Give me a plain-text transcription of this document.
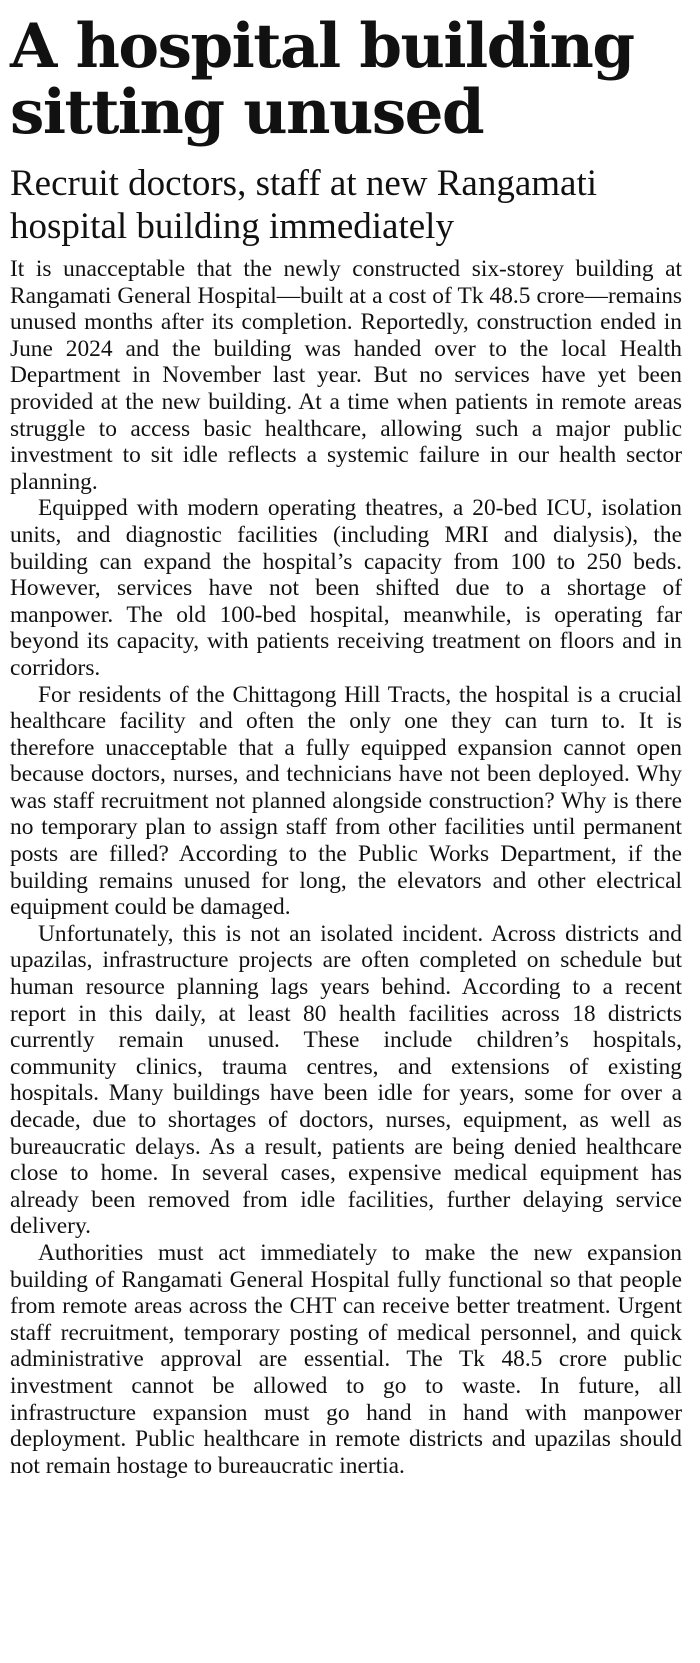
A hospital building
sitting unused
Recruit doctors, staff at new Rangamati
hospital building immediately

It is unacceptable that the newly constructed six-storey building at Rangamati General Hospital—built at a cost of Tk 48.5 crore—remains unused months after its completion. Reportedly, construction ended in June 2024 and the building was handed over to the local Health Department in November last year. But no services have yet been provided at the new building. At a time when patients in remote areas struggle to access basic healthcare, allowing such a major public investment to sit idle reflects a systemic failure in our health sector planning.

Equipped with modern operating theatres, a 20-bed ICU, isolation units, and diagnostic facilities (including MRI and dialysis), the building can expand the hospital’s capacity from 100 to 250 beds. However, services have not been shifted due to a shortage of manpower. The old 100-bed hospital, meanwhile, is operating far beyond its capacity, with patients receiving treatment on floors and in corridors.

For residents of the Chittagong Hill Tracts, the hospital is a crucial healthcare facility and often the only one they can turn to. It is therefore unacceptable that a fully equipped expansion cannot open because doctors, nurses, and technicians have not been deployed. Why was staff recruitment not planned alongside construction? Why is there no temporary plan to assign staff from other facilities until permanent posts are filled? According to the Public Works Department, if the building remains unused for long, the elevators and other electrical equipment could be damaged.

Unfortunately, this is not an isolated incident. Across districts and upazilas, infrastructure projects are often completed on schedule but human resource planning lags years behind. According to a recent report in this daily, at least 80 health facilities across 18 districts currently remain unused. These include children’s hospitals, community clinics, trauma centres, and extensions of existing hospitals. Many buildings have been idle for years, some for over a decade, due to shortages of doctors, nurses, equipment, as well as bureaucratic delays. As a result, patients are being denied healthcare close to home. In several cases, expensive medical equipment has already been removed from idle facilities, further delaying service delivery.

Authorities must act immediately to make the new expansion building of Rangamati General Hospital fully functional so that people from remote areas across the CHT can receive better treatment. Urgent staff recruitment, temporary posting of medical personnel, and quick administrative approval are essential. The Tk 48.5 crore public investment cannot be allowed to go to waste. In future, all infrastructure expansion must go hand in hand with manpower deployment. Public healthcare in remote districts and upazilas should not remain hostage to bureaucratic inertia.
